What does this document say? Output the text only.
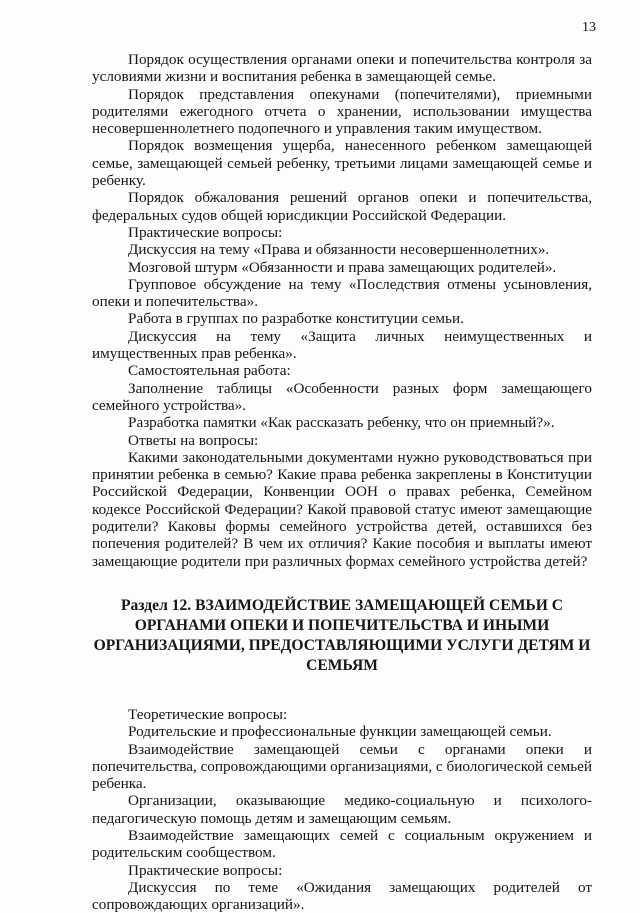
13

Порядок осуществления органами опеки и попечительства контроля за условиями жизни и воспитания ребенка в замещающей семье.

Порядок представления опекунами (попечителями), приемными родителями ежегодного отчета о хранении, использовании имущества несовершеннолетнего подопечного и управления таким имуществом.

Порядок возмещения ущерба, нанесенного ребенком замещающей семье, замещающей семьей ребенку, третьими лицами замещающей семье и ребенку.

Порядок обжалования решений органов опеки и попечительства, федеральных судов общей юрисдикции Российской Федерации.

Практические вопросы:

Дискуссия на тему «Права и обязанности несовершеннолетних».

Мозговой штурм «Обязанности и права замещающих родителей».

Групповое обсуждение на тему «Последствия отмены усыновления, опеки и попечительства».

Работа в группах по разработке конституции семьи.

Дискуссия на тему «Защита личных неимущественных и имущественных прав ребенка».

Самостоятельная работа:

Заполнение таблицы «Особенности разных форм замещающего семейного устройства».

Разработка памятки «Как рассказать ребенку, что он приемный?».

Ответы на вопросы:

Какими законодательными документами нужно руководствоваться при принятии ребенка в семью? Какие права ребенка закреплены в Конституции Российской Федерации, Конвенции ООН о правах ребенка, Семейном кодексе Российской Федерации? Какой правовой статус имеют замещающие родители? Каковы формы семейного устройства детей, оставшихся без попечения родителей? В чем их отличия? Какие пособия и выплаты имеют замещающие родители при различных формах семейного устройства детей?

Раздел 12. ВЗАИМОДЕЙСТВИЕ ЗАМЕЩАЮЩЕЙ СЕМЬИ С ОРГАНАМИ ОПЕКИ И ПОПЕЧИТЕЛЬСТВА И ИНЫМИ ОРГАНИЗАЦИЯМИ, ПРЕДОСТАВЛЯЮЩИМИ УСЛУГИ ДЕТЯМ И СЕМЬЯМ

Теоретические вопросы:

Родительские и профессиональные функции замещающей семьи.

Взаимодействие замещающей семьи с органами опеки и попечительства, сопровождающими организациями, с биологической семьей ребенка.

Организации, оказывающие медико-социальную и психолого-педагогическую помощь детям и замещающим семьям.

Взаимодействие замещающих семей с социальным окружением и родительским сообществом.

Практические вопросы:

Дискуссия по теме «Ожидания замещающих родителей от сопровождающих организаций».
